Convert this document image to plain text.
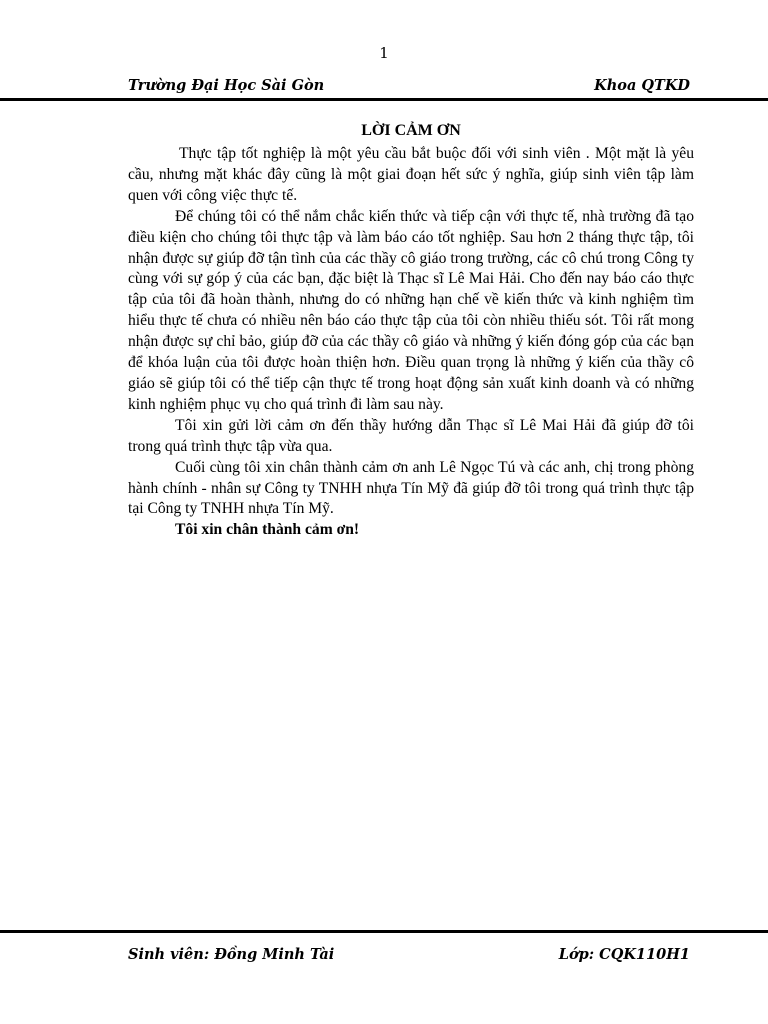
1
Trường Đại Học Sài Gòn	Khoa QTKD
LỜI CẢM ƠN

Thực tập tốt nghiệp là một yêu cầu bắt buộc đối với sinh viên . Một mặt là yêu cầu, nhưng mặt khác đây cũng là một giai đoạn hết sức ý nghĩa, giúp sinh viên tập làm quen với công việc thực tế.

Để chúng tôi có thể nắm chắc kiến thức và tiếp cận với thực tế, nhà trường đã tạo điều kiện cho chúng tôi thực tập và làm báo cáo tốt nghiệp. Sau hơn 2 tháng thực tập, tôi nhận được sự giúp đỡ tận tình của các thầy cô giáo trong trường, các cô chú trong Công ty cùng với sự góp ý của các bạn, đặc biệt là Thạc sĩ Lê Mai Hải. Cho đến nay báo cáo thực tập của tôi đã hoàn thành, nhưng do có những hạn chế về kiến thức và kinh nghiệm tìm hiểu thực tế chưa có nhiều nên báo cáo thực tập của tôi còn nhiều thiếu sót. Tôi rất mong nhận được sự chỉ bảo, giúp đỡ của các thầy cô giáo và những ý kiến đóng góp của các bạn để khóa luận của tôi được hoàn thiện hơn. Điều quan trọng là những ý kiến của thầy cô giáo sẽ giúp tôi có thể tiếp cận thực tế trong hoạt động sản xuất kinh doanh và có những kinh nghiệm phục vụ cho quá trình đi làm sau này.

Tôi xin gửi lời cảm ơn đến thầy hướng dẫn Thạc sĩ Lê Mai Hải đã giúp đỡ tôi trong quá trình thực tập vừa qua.

Cuối cùng tôi xin chân thành cảm ơn anh Lê Ngọc Tú và các anh, chị trong phòng hành chính - nhân sự Công ty TNHH nhựa Tín Mỹ đã giúp đỡ tôi trong quá trình thực tập tại Công ty TNHH nhựa Tín Mỹ.

Tôi xin chân thành cảm ơn!

Sinh viên: Đồng Minh Tài	Lớp: CQK110H1
